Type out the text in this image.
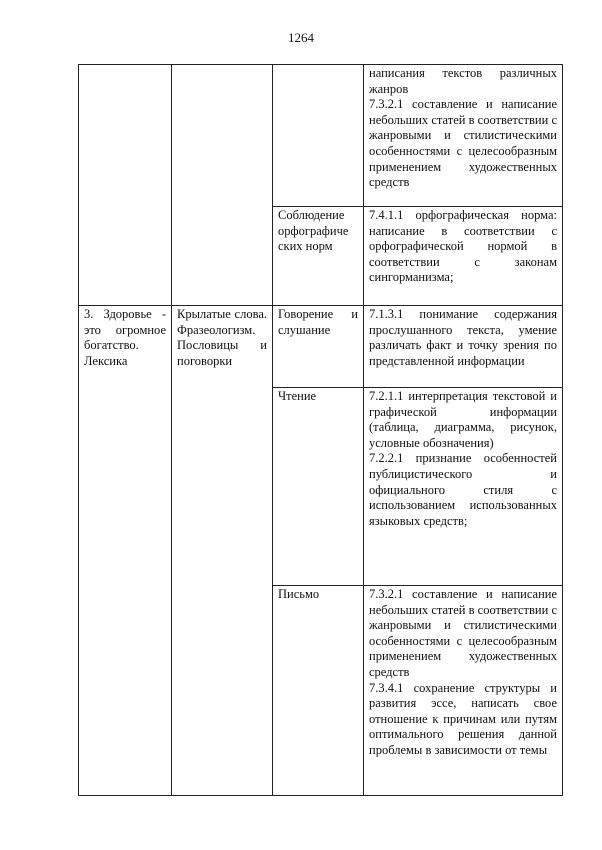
1264

			написания текстов различных жанров
7.3.2.1 составление и написание небольших статей в соответствии с жанровыми и стилистическими особенностями с целесообразным применением художественных средств

		Соблюдение орфографиче ских норм	7.4.1.1 орфографическая норма: написание в соответствии с орфографической нормой в соответствии с законам сингорманизма;

3. Здоровье - это огромное богатство. Лексика	Крылатые слова. Фразеологизм. Пословицы и поговорки	Говорение и слушание	7.1.3.1 понимание содержания прослушанного текста, умение различать факт и точку зрения по представленной информации

		Чтение	7.2.1.1 интерпретация текстовой и графической информации (таблица, диаграмма, рисунок, условные обозначения)
7.2.2.1 признание особенностей публицистического и официального стиля с использованием использованных языковых средств;

		Письмо	7.3.2.1 составление и написание небольших статей в соответствии с жанровыми и стилистическими особенностями с целесообразным применением художественных средств
7.3.4.1 сохранение структуры и развития эссе, написать свое отношение к причинам или путям оптимального решения данной проблемы в зависимости от темы
